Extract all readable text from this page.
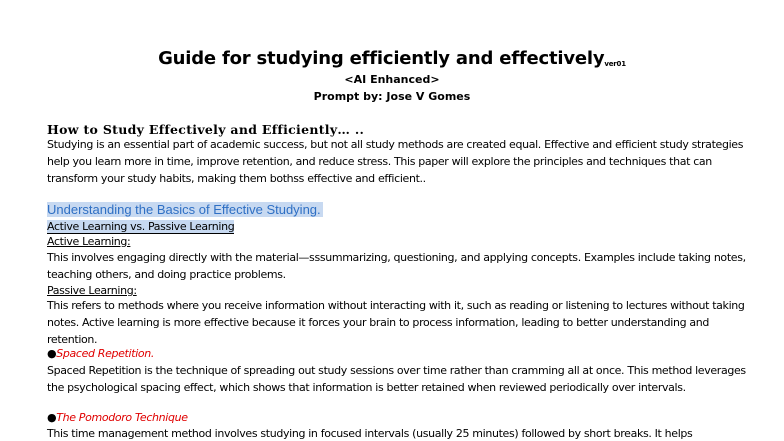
Guide for studying efficiently and effectivelyver01
<AI Enhanced>
Prompt by: Jose V Gomes
How to Study Effectively and Efficiently… ..
Studying is an essential part of academic success, but not all study methods are created equal. Effective and efficient study strategies help you learn more in time, improve retention, and reduce stress. This paper will explore the principles and techniques that can transform your study habits, making them bothss effective and efficient..
Understanding the Basics of Effective Studying.
Active Learning vs. Passive Learning
Active Learning:
This involves engaging directly with the material—sssummarizing, questioning, and applying concepts. Examples include taking notes, teaching others, and doing practice problems.
Passive Learning:
This refers to methods where you receive information without interacting with it, such as reading or listening to lectures without taking notes. Active learning is more effective because it forces your brain to process information, leading to better understanding and retention.
●Spaced Repetition.
Spaced Repetition is the technique of spreading out study sessions over time rather than cramming all at once. This method leverages the psychological spacing effect, which shows that information is better retained when reviewed periodically over intervals.
●The Pomodoro Technique
This time management method involves studying in focused intervals (usually 25 minutes) followed by short breaks. It helps
